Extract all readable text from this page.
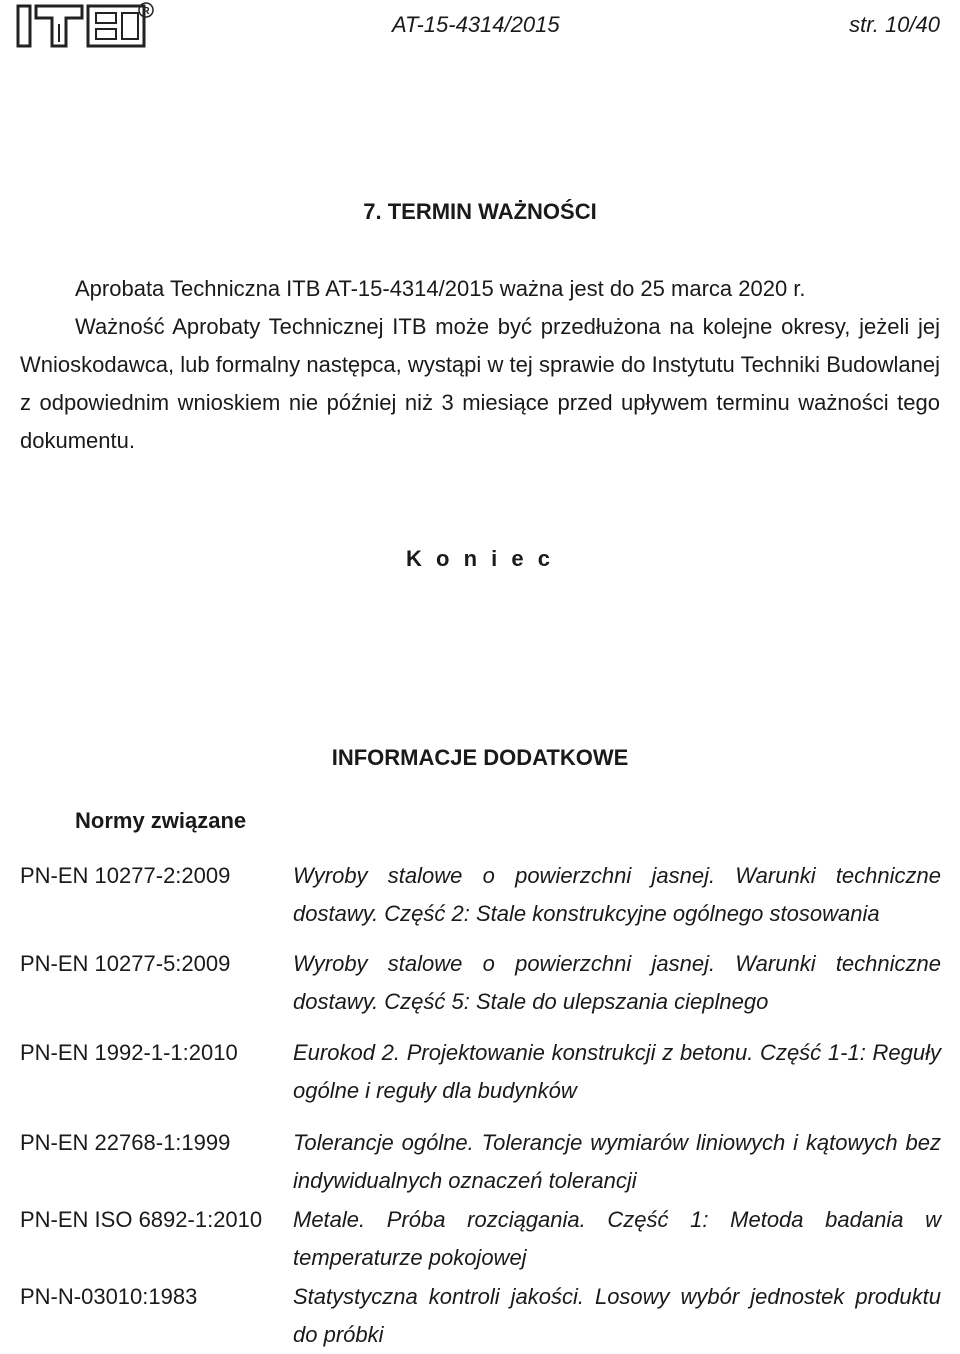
R
AT-15-4314/2015	str. 10/40
7. TERMIN WAŻNOŚCI
Aprobata Techniczna ITB AT-15-4314/2015 ważna jest do 25 marca 2020 r.
Ważność Aprobaty Technicznej ITB może być przedłużona na kolejne okresy, jeżeli jej Wnioskodawca, lub formalny następca, wystąpi w tej sprawie do Instytutu Techniki Budowlanej z odpowiednim wnioskiem nie później niż 3 miesiące przed upływem terminu ważności tego dokumentu.
K o n i e c
INFORMACJE DODATKOWE
Normy związane
PN-EN 10277-2:2009	Wyroby stalowe o powierzchni jasnej. Warunki techniczne dostawy. Część 2: Stale konstrukcyjne ogólnego stosowania
PN-EN 10277-5:2009	Wyroby stalowe o powierzchni jasnej. Warunki techniczne dostawy. Część 5: Stale do ulepszania cieplnego
PN-EN 1992-1-1:2010	Eurokod 2. Projektowanie konstrukcji z betonu. Część 1-1: Reguły ogólne i reguły dla budynków
PN-EN 22768-1:1999	Tolerancje ogólne. Tolerancje wymiarów liniowych i kątowych bez indywidualnych oznaczeń tolerancji
PN-EN ISO 6892-1:2010 Metale. Próba rozciągania. Część 1: Metoda badania w temperaturze pokojowej
PN-N-03010:1983	Statystyczna kontroli jakości. Losowy wybór jednostek produktu do próbki
